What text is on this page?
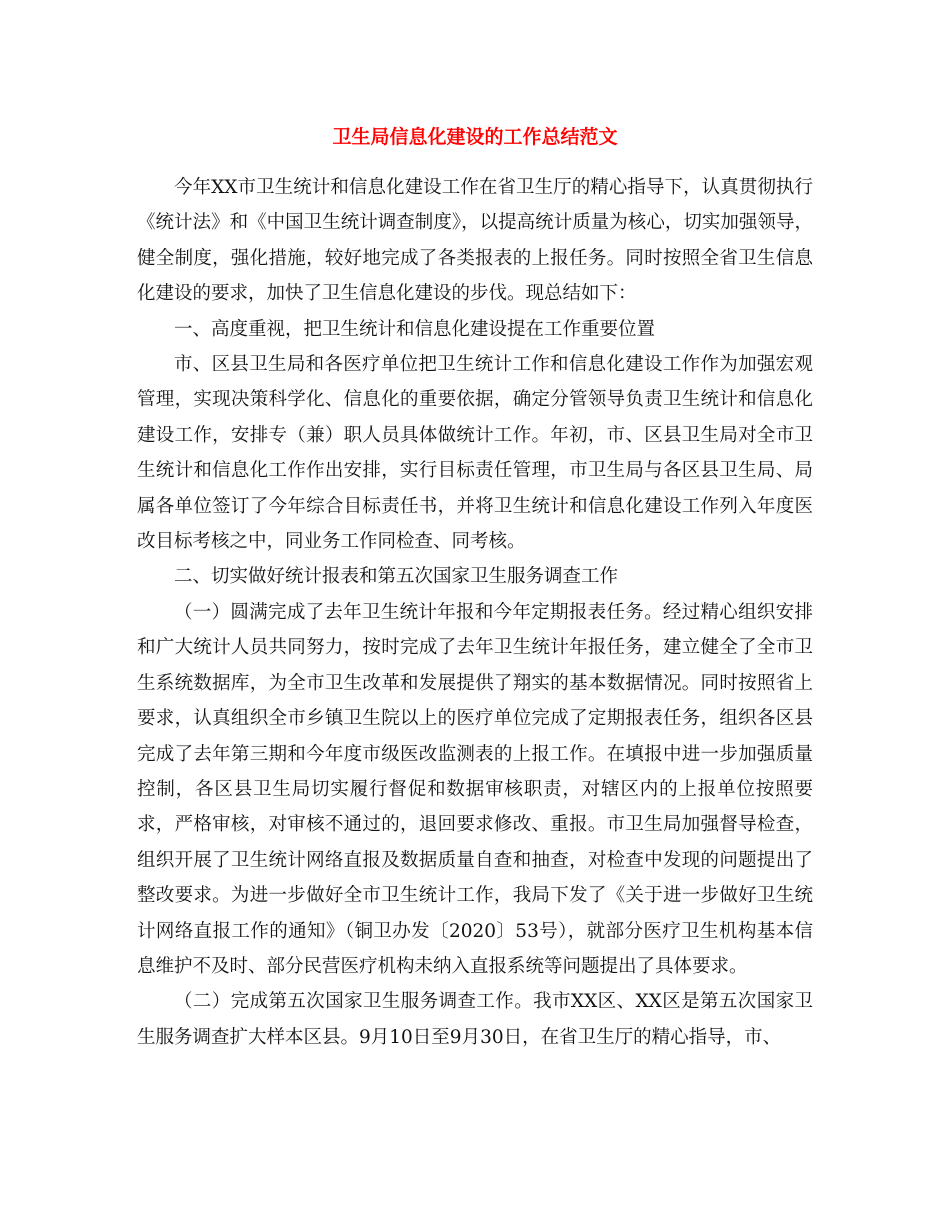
卫生局信息化建设的工作总结范文

今年XX市卫生统计和信息化建设工作在省卫生厅的精心指导下，认真贯彻执行《统计法》和《中国卫生统计调查制度》，以提高统计质量为核心，切实加强领导，健全制度，强化措施，较好地完成了各类报表的上报任务。同时按照全省卫生信息化建设的要求，加快了卫生信息化建设的步伐。现总结如下：

一、高度重视，把卫生统计和信息化建设提在工作重要位置

市、区县卫生局和各医疗单位把卫生统计工作和信息化建设工作作为加强宏观管理，实现决策科学化、信息化的重要依据，确定分管领导负责卫生统计和信息化建设工作，安排专（兼）职人员具体做统计工作。年初，市、区县卫生局对全市卫生统计和信息化工作作出安排，实行目标责任管理，市卫生局与各区县卫生局、局属各单位签订了今年综合目标责任书，并将卫生统计和信息化建设工作列入年度医改目标考核之中，同业务工作同检查、同考核。

二、切实做好统计报表和第五次国家卫生服务调查工作

（一）圆满完成了去年卫生统计年报和今年定期报表任务。经过精心组织安排和广大统计人员共同努力，按时完成了去年卫生统计年报任务，建立健全了全市卫生系统数据库，为全市卫生改革和发展提供了翔实的基本数据情况。同时按照省上要求，认真组织全市乡镇卫生院以上的医疗单位完成了定期报表任务，组织各区县完成了去年第三期和今年度市级医改监测表的上报工作。在填报中进一步加强质量控制，各区县卫生局切实履行督促和数据审核职责，对辖区内的上报单位按照要求，严格审核，对审核不通过的，退回要求修改、重报。市卫生局加强督导检查，组织开展了卫生统计网络直报及数据质量自查和抽查，对检查中发现的问题提出了整改要求。为进一步做好全市卫生统计工作，我局下发了《关于进一步做好卫生统计网络直报工作的通知》（铜卫办发〔2020〕53号），就部分医疗卫生机构基本信息维护不及时、部分民营医疗机构未纳入直报系统等问题提出了具体要求。

（二）完成第五次国家卫生服务调查工作。我市XX区、XX区是第五次国家卫生服务调查扩大样本区县。9月10日至9月30日，在省卫生厅的精心指导，市、
